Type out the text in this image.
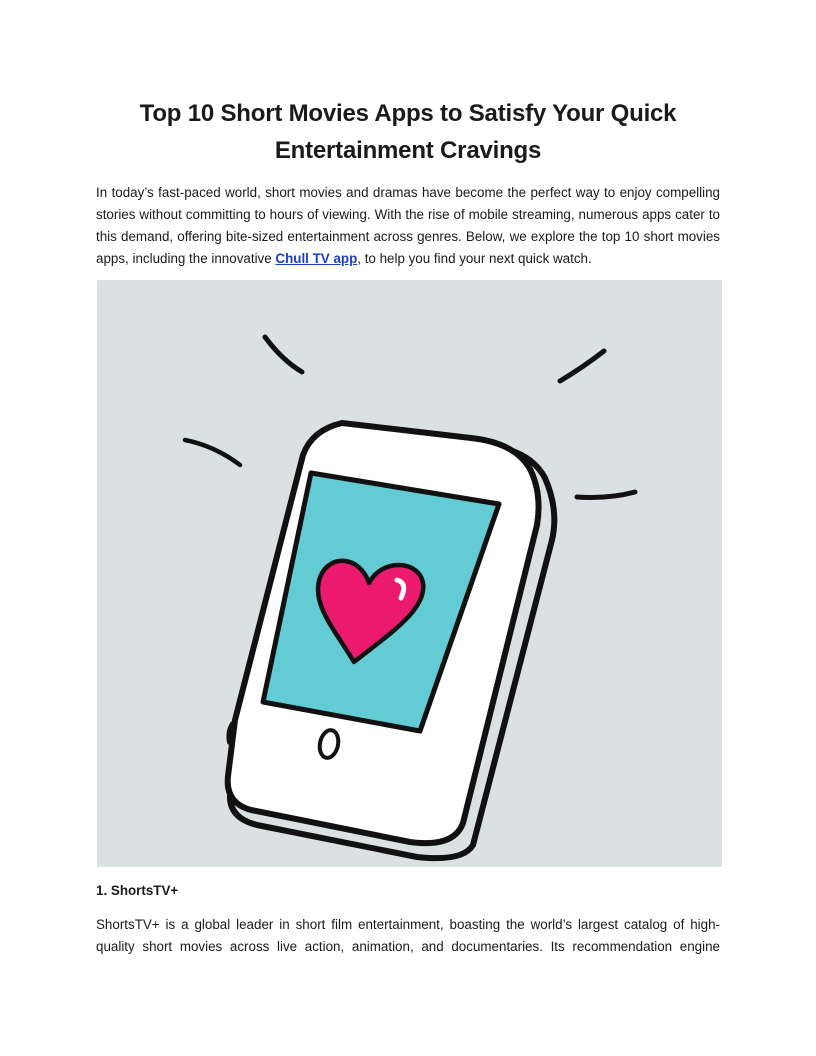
Top 10 Short Movies Apps to Satisfy Your Quick Entertainment Cravings

In today’s fast-paced world, short movies and dramas have become the perfect way to enjoy compelling stories without committing to hours of viewing. With the rise of mobile streaming, numerous apps cater to this demand, offering bite-sized entertainment across genres. Below, we explore the top 10 short movies apps, including the innovative Chull TV app, to help you find your next quick watch.

1. ShortsTV+

ShortsTV+ is a global leader in short film entertainment, boasting the world’s largest catalog of high-quality short movies across live action, animation, and documentaries. Its recommendation engine
